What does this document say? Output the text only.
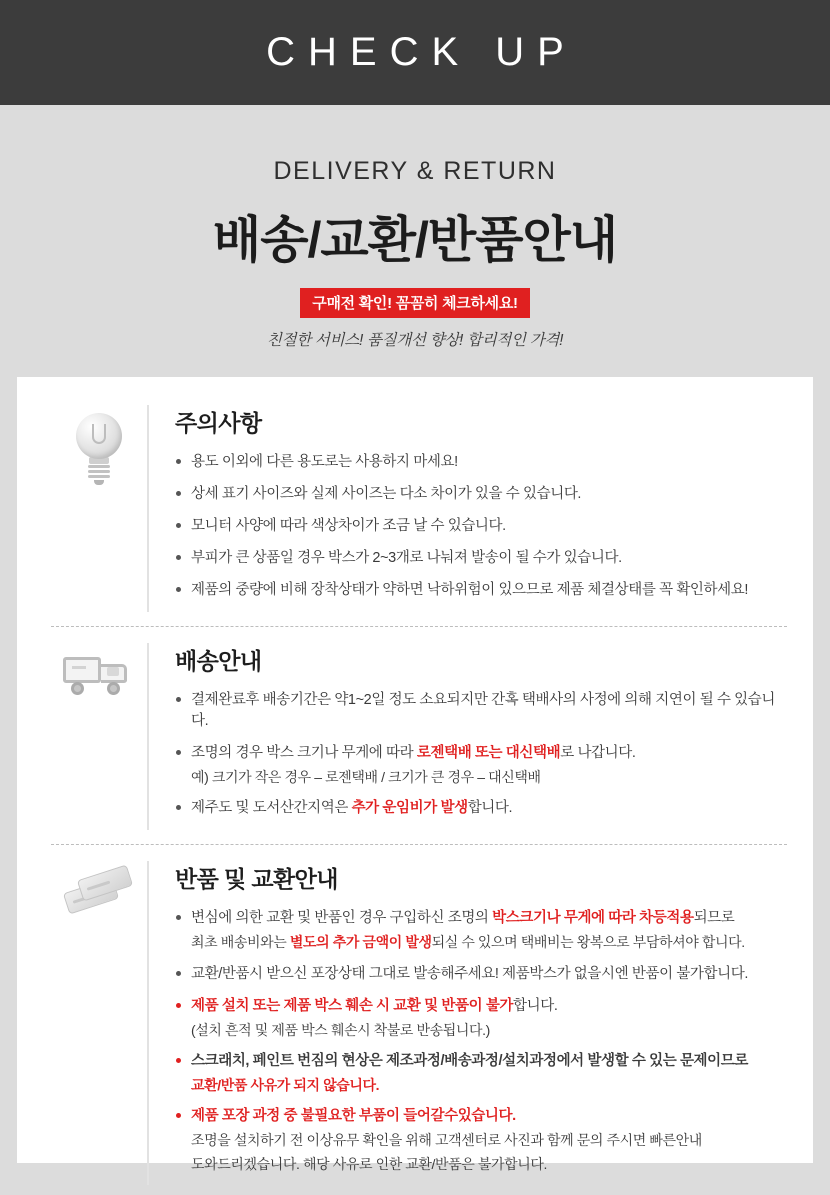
CHECK UP
DELIVERY & RETURN
배송/교환/반품안내
구매전 확인! 꼼꼼히 체크하세요!
친절한 서비스! 품질개선 향상! 합리적인 가격!
주의사항
용도 이외에 다른 용도로는 사용하지 마세요!
상세 표기 사이즈와 실제 사이즈는 다소 차이가 있을 수 있습니다.
모니터 사양에 따라 색상차이가 조금 날 수 있습니다.
부피가 큰 상품일 경우 박스가 2~3개로 나눠져 발송이 될 수가 있습니다.
제품의 중량에 비해 장착상태가 약하면 낙하위험이 있으므로 제품 체결상태를 꼭 확인하세요!
배송안내
결제완료후 배송기간은 약1~2일 정도 소요되지만 간혹 택배사의 사정에 의해 지연이 될 수 있습니다.
조명의 경우 박스 크기나 무게에 따라 로젠택배 또는 대신택배로 나갑니다.
예) 크기가 작은 경우 – 로젠택배 / 크기가 큰 경우 – 대신택배
제주도 및 도서산간지역은 추가 운임비가 발생합니다.
반품 및 교환안내
변심에 의한 교환 및 반품인 경우 구입하신 조명의 박스크기나 무게에 따라 차등적용되므로
최초 배송비와는 별도의 추가 금액이 발생되실 수 있으며 택배비는 왕복으로 부담하셔야 합니다.
교환/반품시 받으신 포장상태 그대로 발송해주세요! 제품박스가 없을시엔 반품이 불가합니다.
제품 설치 또는 제품 박스 훼손 시 교환 및 반품이 불가합니다.
(설치 흔적 및 제품 박스 훼손시 착불로 반송됩니다.)
스크래치, 페인트 번짐의 현상은 제조과정/배송과정/설치과정에서 발생할 수 있는 문제이므로
교환/반품 사유가 되지 않습니다.
제품 포장 과정 중 불필요한 부품이 들어갈수있습니다.
조명을 설치하기 전 이상유무 확인을 위해 고객센터로 사진과 함께 문의 주시면 빠른안내
도와드리겠습니다. 해당 사유로 인한 교환/반품은 불가합니다.
